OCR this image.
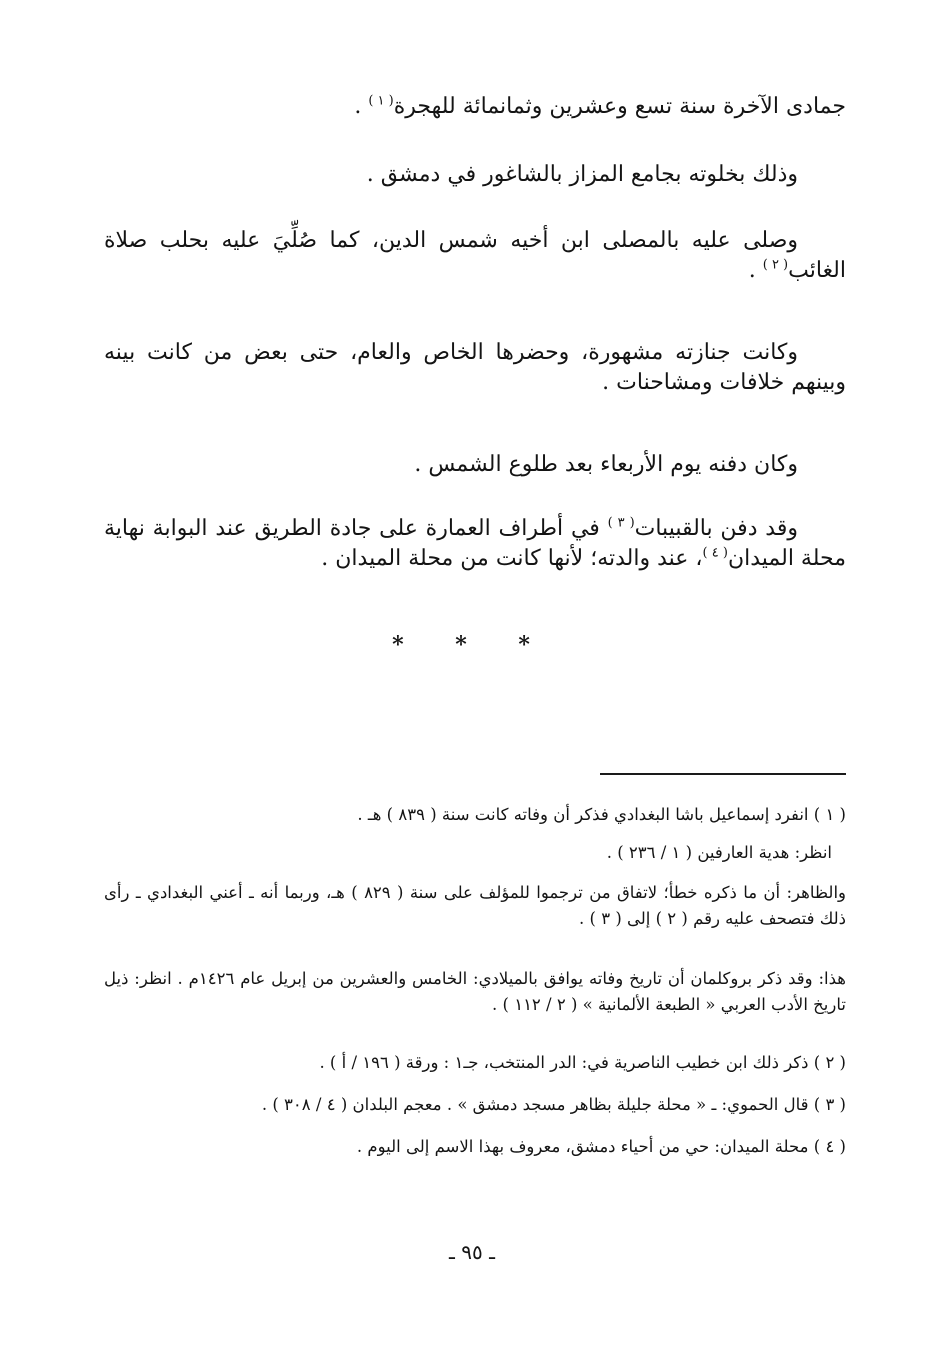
جمادى الآخرة سنة تسع وعشرين وثمانمائة للهجرة$^{( ١ )}$ .

وذلك بخلوته بجامع المزاز بالشاغور في دمشق .

وصلى عليه بالمصلى ابن أخيه شمس الدين، كما صُلِّيَ عليه بحلب صلاة الغائب$^{( ٢ )}$ .

وكانت جنازته مشهورة، وحضرها الخاص والعام، حتى بعض من كانت بينه وبينهم خلافات ومشاحنات .

وكان دفنه يوم الأربعاء بعد طلوع الشمس .

وقد دفن بالقبيبات$^{( ٣ )}$ في أطراف العمارة على جادة الطريق عند البوابة نهاية محلة الميدان$^{( ٤ )}$، عند والدته؛ لأنها كانت من محلة الميدان .

* * *

( ١ ) انفرد إسماعيل باشا البغدادي فذكر أن وفاته كانت سنة ( ٨٣٩ ) هـ .

انظر: هدية العارفين ( ١ / ٢٣٦ ) .

والظاهر: أن ما ذكره خطأ؛ لاتفاق من ترجموا للمؤلف على سنة ( ٨٢٩ ) هـ، وربما أنه ـ أعني البغدادي ـ رأى ذلك فتصحف عليه رقم ( ٢ ) إلى ( ٣ ) .

هذا: وقد ذكر بروكلمان أن تاريخ وفاته يوافق بالميلادي: الخامس والعشرين من إبريل عام ١٤٢٦م . انظر: ذيل تاريخ الأدب العربي « الطبعة الألمانية » ( ٢ / ١١٢ ) .

( ٢ ) ذكر ذلك ابن خطيب الناصرية في: الدر المنتخب، جـ١ : ورقة ( ١٩٦ / أ ) .

( ٣ ) قال الحموي: ـ « محلة جليلة بظاهر مسجد دمشق » . معجم البلدان ( ٤ / ٣٠٨ ) .

( ٤ ) محلة الميدان: حي من أحياء دمشق، معروف بهذا الاسم إلى اليوم .

ـ ٩٥ ـ
